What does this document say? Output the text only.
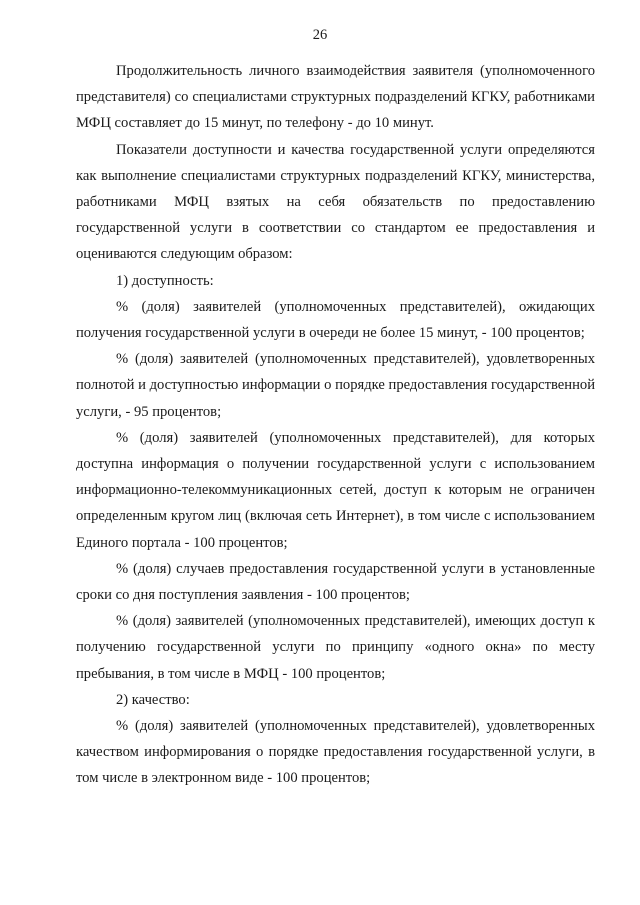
26

Продолжительность личного взаимодействия заявителя (уполномоченного представителя) со специалистами структурных подразделений КГКУ, работниками МФЦ составляет до 15 минут, по телефону - до 10 минут.

Показатели доступности и качества государственной услуги определяются как выполнение специалистами структурных подразделений КГКУ, министерства, работниками МФЦ взятых на себя обязательств по предоставлению государственной услуги в соответствии со стандартом ее предоставления и оцениваются следующим образом:

1) доступность:

% (доля) заявителей (уполномоченных представителей), ожидающих получения государственной услуги в очереди не более 15 минут, - 100 процентов;

% (доля) заявителей (уполномоченных представителей), удовлетворенных полнотой и доступностью информации о порядке предоставления государственной услуги, - 95 процентов;

% (доля) заявителей (уполномоченных представителей), для которых доступна информация о получении государственной услуги с использованием информационно-телекоммуникационных сетей, доступ к которым не ограничен определенным кругом лиц (включая сеть Интернет), в том числе с использованием Единого портала - 100 процентов;

% (доля) случаев предоставления государственной услуги в установленные сроки со дня поступления заявления - 100 процентов;

% (доля) заявителей (уполномоченных представителей), имеющих доступ к получению государственной услуги по принципу «одного окна» по месту пребывания, в том числе в МФЦ - 100 процентов;

2) качество:

% (доля) заявителей (уполномоченных представителей), удовлетворенных качеством информирования о порядке предоставления государственной услуги, в том числе в электронном виде - 100 процентов;
